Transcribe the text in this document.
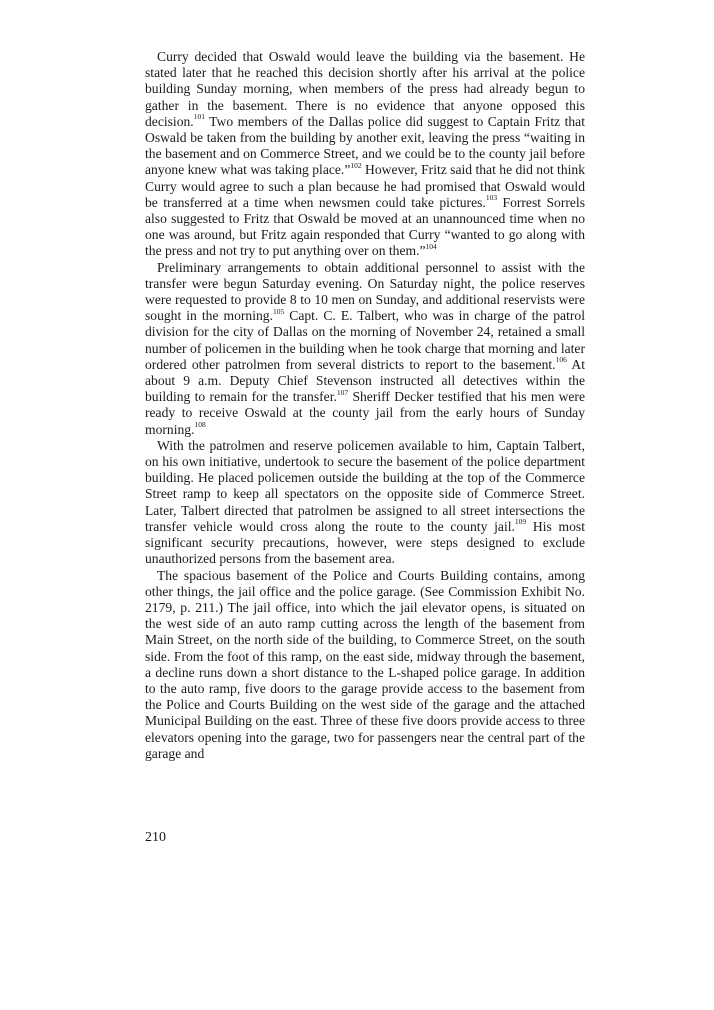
Curry decided that Oswald would leave the building via the basement. He stated later that he reached this decision shortly after his arrival at the police building Sunday morning, when members of the press had already begun to gather in the basement. There is no evidence that anyone opposed this decision.$^{101}$ Two members of the Dallas police did suggest to Captain Fritz that Oswald be taken from the building by another exit, leaving the press “waiting in the basement and on Commerce Street, and we could be to the county jail before anyone knew what was taking place.”$^{102}$ However, Fritz said that he did not think Curry would agree to such a plan because he had promised that Oswald would be transferred at a time when newsmen could take pictures.$^{103}$ Forrest Sorrels also suggested to Fritz that Oswald be moved at an unannounced time when no one was around, but Fritz again responded that Curry “wanted to go along with the press and not try to put anything over on them.”$^{104}$

Preliminary arrangements to obtain additional personnel to assist with the transfer were begun Saturday evening. On Saturday night, the police reserves were requested to provide 8 to 10 men on Sunday, and additional reservists were sought in the morning.$^{105}$ Capt. C. E. Talbert, who was in charge of the patrol division for the city of Dallas on the morning of November 24, retained a small number of policemen in the building when he took charge that morning and later ordered other patrolmen from several districts to report to the basement.$^{106}$ At about 9 a.m. Deputy Chief Stevenson instructed all detectives within the building to remain for the transfer.$^{107}$ Sheriff Decker testified that his men were ready to receive Oswald at the county jail from the early hours of Sunday morning.$^{108}$

With the patrolmen and reserve policemen available to him, Captain Talbert, on his own initiative, undertook to secure the basement of the police department building. He placed policemen outside the building at the top of the Commerce Street ramp to keep all spectators on the opposite side of Commerce Street. Later, Talbert directed that patrolmen be assigned to all street intersections the transfer vehicle would cross along the route to the county jail.$^{109}$ His most significant security precautions, however, were steps designed to exclude unauthorized persons from the basement area.

The spacious basement of the Police and Courts Building contains, among other things, the jail office and the police garage. (See Commission Exhibit No. 2179, p. 211.) The jail office, into which the jail elevator opens, is situated on the west side of an auto ramp cutting across the length of the basement from Main Street, on the north side of the building, to Commerce Street, on the south side. From the foot of this ramp, on the east side, midway through the basement, a decline runs down a short distance to the L-shaped police garage. In addition to the auto ramp, five doors to the garage provide access to the basement from the Police and Courts Building on the west side of the garage and the attached Municipal Building on the east. Three of these five doors provide access to three elevators opening into the garage, two for passengers near the central part of the garage and

210
